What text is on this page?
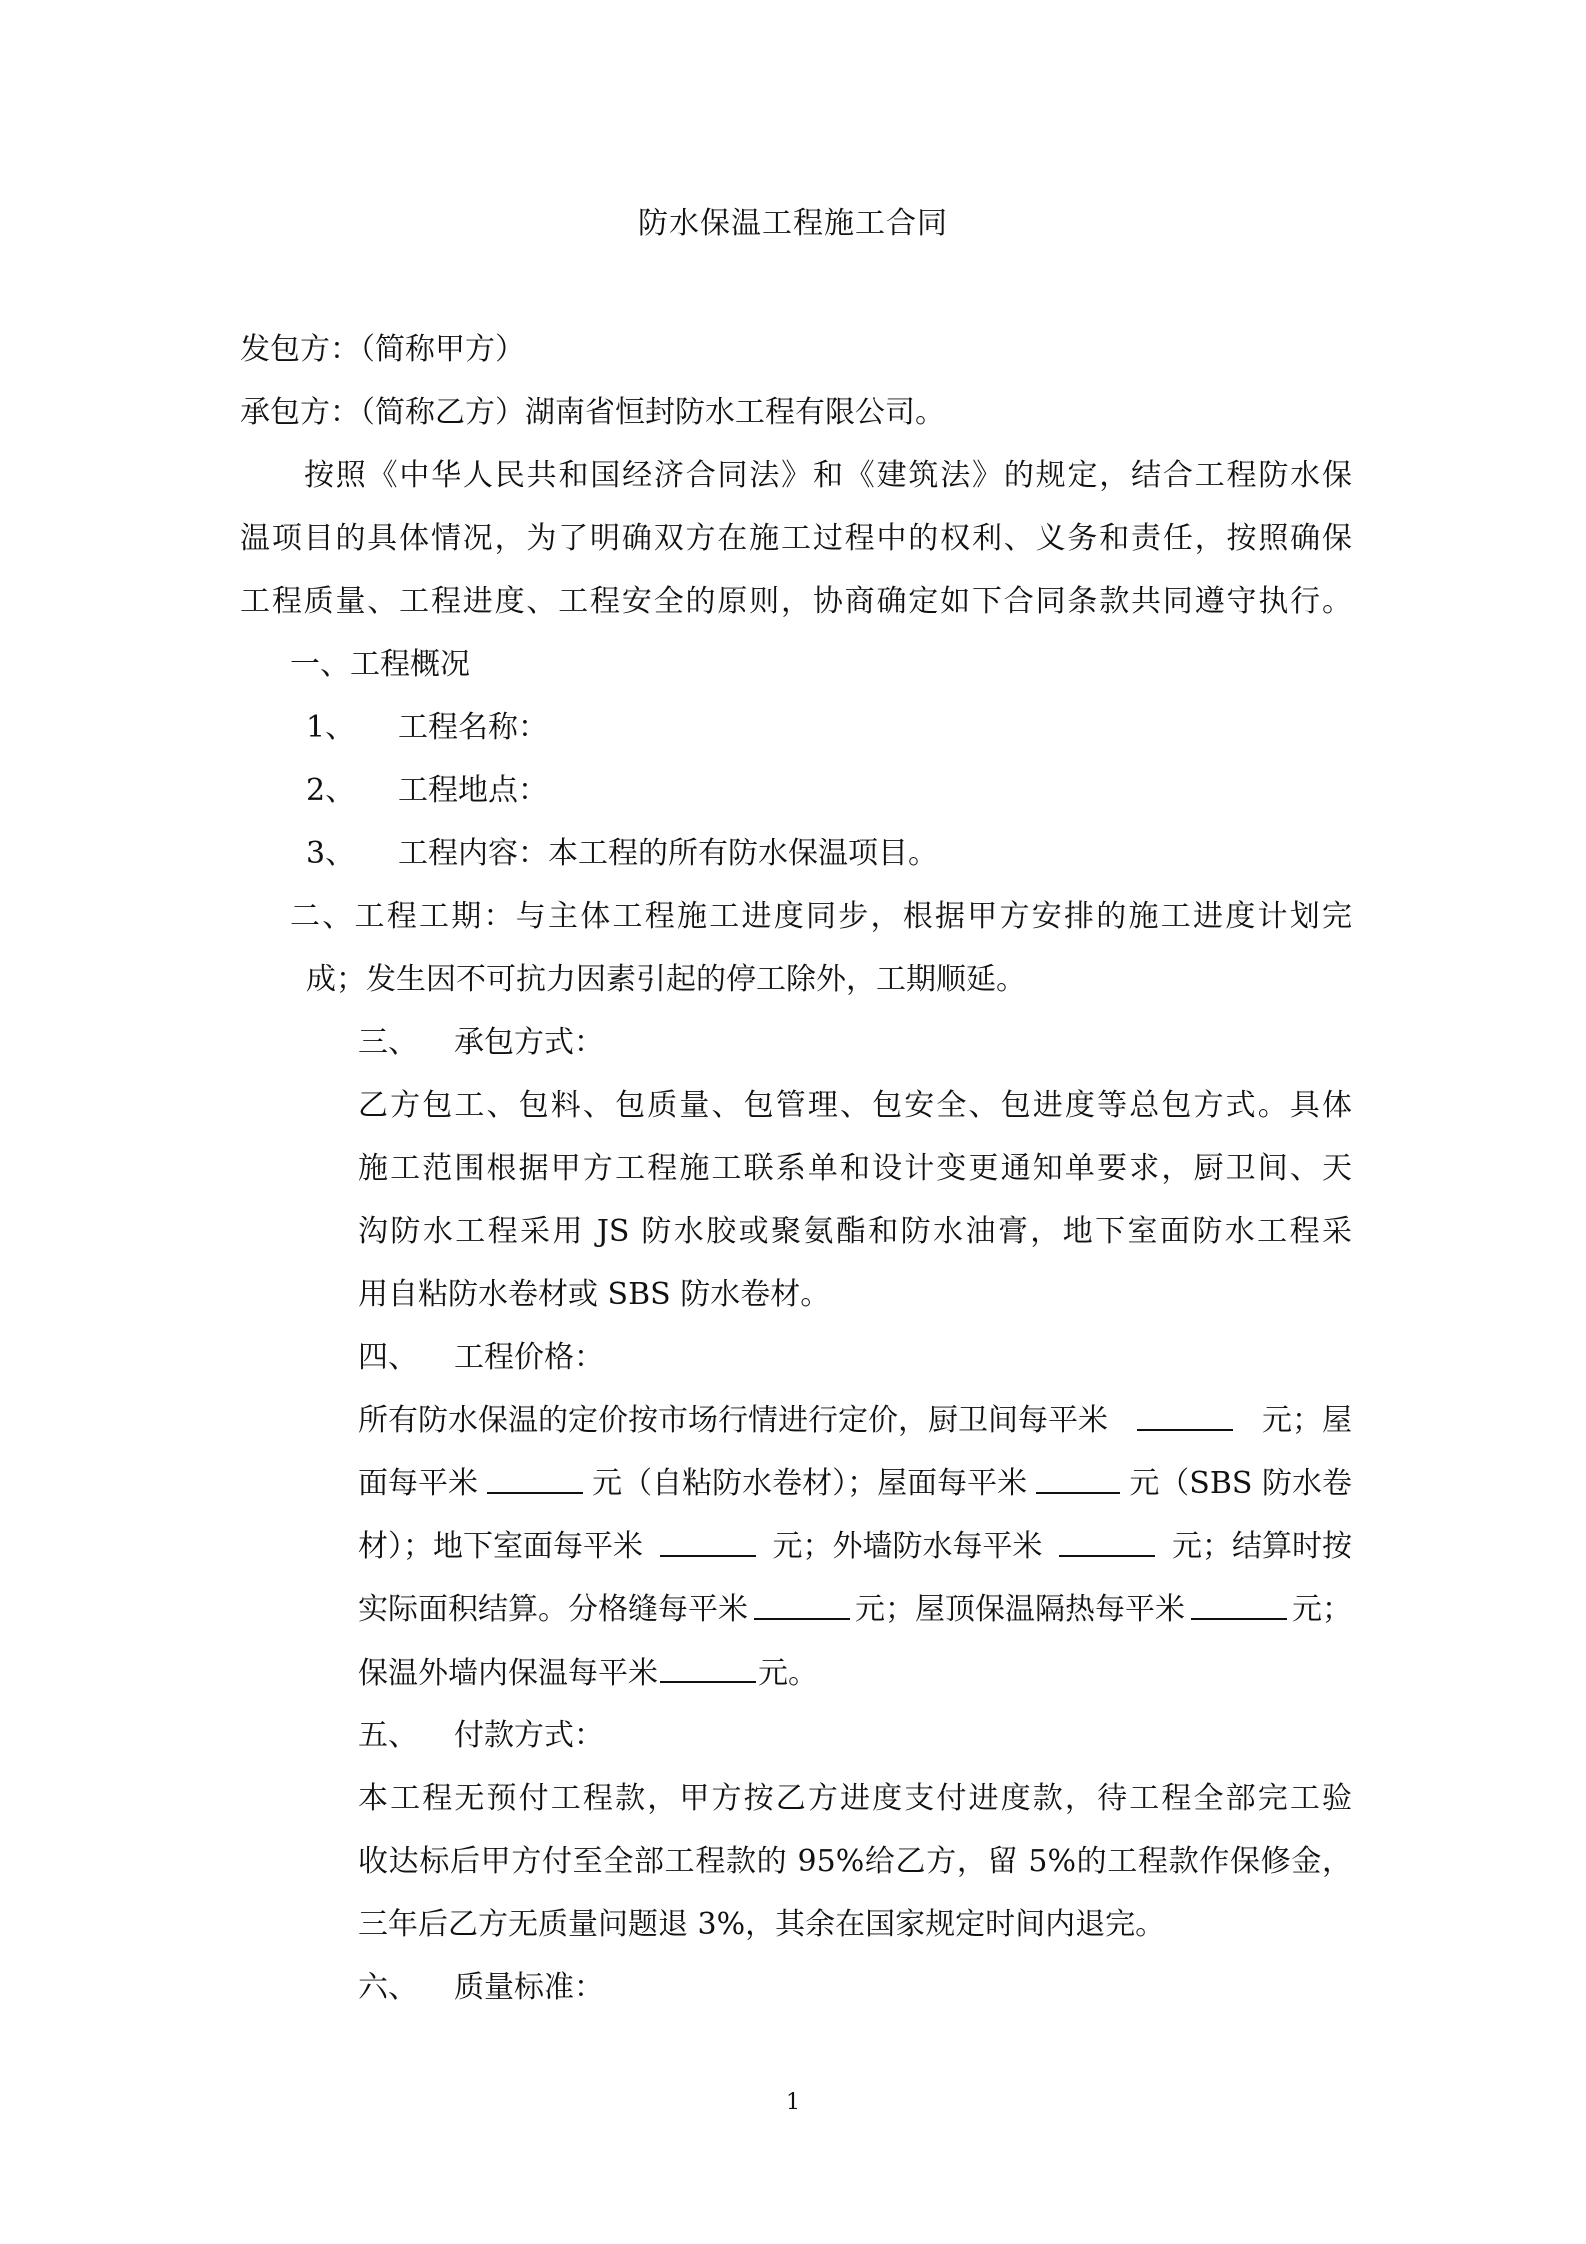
防水保温工程施工合同
发包方：（简称甲方）
承包方：（简称乙方）湖南省恒封防水工程有限公司。
按照《中华人民共和国经济合同法》和《建筑法》的规定，结合工程防水保
温项目的具体情况，为了明确双方在施工过程中的权利、义务和责任，按照确保
工程质量、工程进度、工程安全的原则，协商确定如下合同条款共同遵守执行。
一、工程概况
1、 工程名称：
2、 工程地点：
3、 工程内容：本工程的所有防水保温项目。
二、工程工期：与主体工程施工进度同步，根据甲方安排的施工进度计划完
成；发生因不可抗力因素引起的停工除外，工期顺延。
三、 承包方式：
乙方包工、包料、包质量、包管理、包安全、包进度等总包方式。具体
施工范围根据甲方工程施工联系单和设计变更通知单要求，厨卫间、天
沟防水工程采用 JS 防水胶或聚氨酯和防水油膏，地下室面防水工程采
用自粘防水卷材或 SBS 防水卷材。
四、 工程价格：
所有防水保温的定价按市场行情进行定价，厨卫间每平米	元；屋
面每平米	元（自粘防水卷材）；屋面每平米	元（SBS 防水卷
材）；地下室面每平米	元；外墙防水每平米	元；结算时按
实际面积结算。分格缝每平米	元；屋顶保温隔热每平米	元；
保温外墙内保温每平米	元。
五、 付款方式：
本工程无预付工程款，甲方按乙方进度支付进度款，待工程全部完工验
收达标后甲方付至全部工程款的 95%给乙方，留 5%的工程款作保修金，
三年后乙方无质量问题退 3%，其余在国家规定时间内退完。
六、 质量标准：
1
